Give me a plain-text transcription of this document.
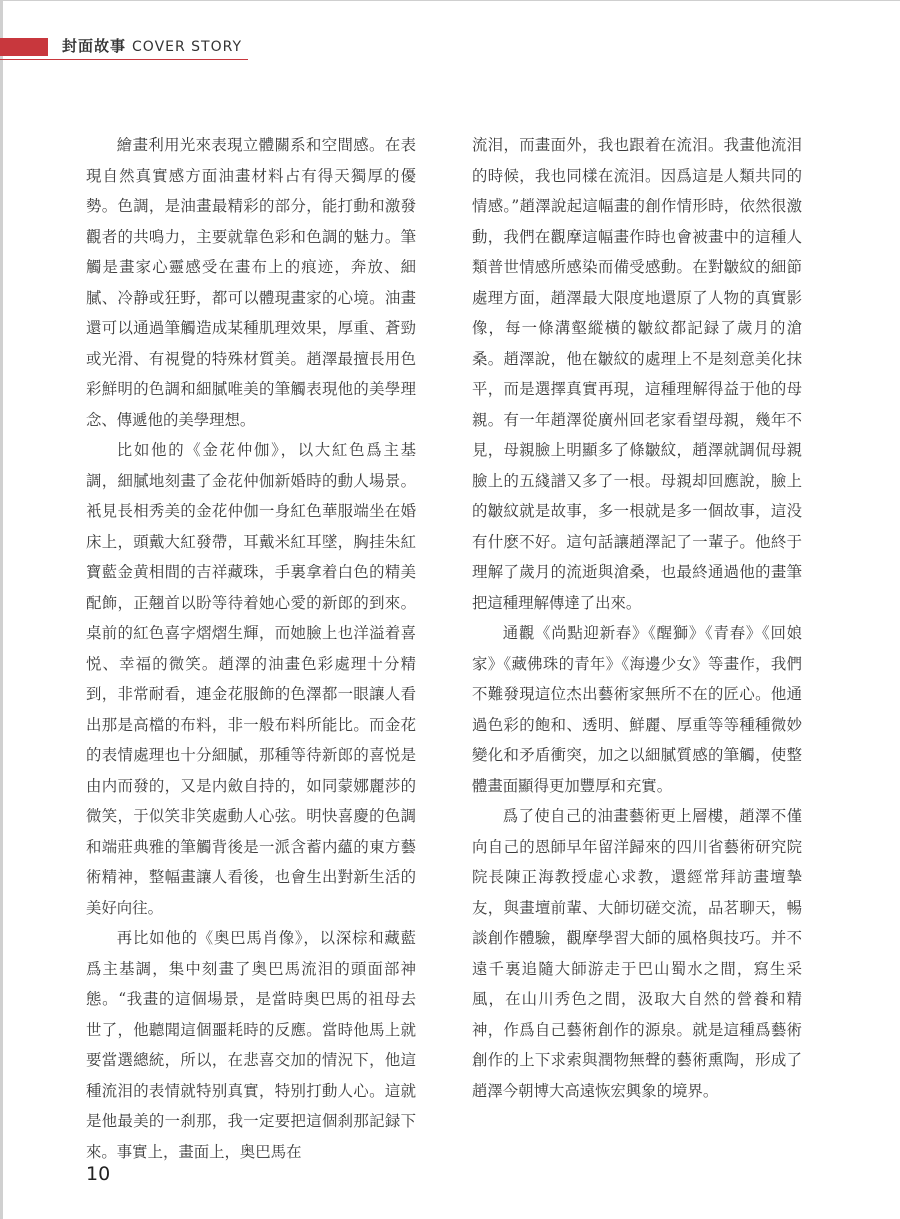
封面故事 COVER STORY

繪畫利用光來表現立體關系和空間感。在表現自然真實感方面油畫材料占有得天獨厚的優勢。色調，是油畫最精彩的部分，能打動和激發觀者的共鳴力，主要就靠色彩和色調的魅力。筆觸是畫家心靈感受在畫布上的痕迹，奔放、細膩、冷静或狂野，都可以體現畫家的心境。油畫還可以通過筆觸造成某種肌理效果，厚重、蒼勁或光滑、有視覺的特殊材質美。趙澤最擅長用色彩鮮明的色調和細膩唯美的筆觸表現他的美學理念、傳遞他的美學理想。

比如他的《金花仲伽》，以大紅色爲主基調，細膩地刻畫了金花仲伽新婚時的動人場景。衹見長相秀美的金花仲伽一身紅色華服端坐在婚床上，頭戴大紅發帶，耳戴米紅耳墜，胸挂朱紅寶藍金黄相間的吉祥藏珠，手裏拿着白色的精美配飾，正翹首以盼等待着她心愛的新郎的到來。桌前的紅色喜字熠熠生輝，而她臉上也洋溢着喜悦、幸福的微笑。趙澤的油畫色彩處理十分精到，非常耐看，連金花服飾的色澤都一眼讓人看出那是高檔的布料，非一般布料所能比。而金花的表情處理也十分細膩，那種等待新郎的喜悦是由内而發的，又是内斂自持的，如同蒙娜麗莎的微笑，于似笑非笑處動人心弦。明快喜慶的色調和端莊典雅的筆觸背後是一派含蓄内蘊的東方藝術精神，整幅畫讓人看後，也會生出對新生活的美好向往。

再比如他的《奥巴馬肖像》，以深棕和藏藍爲主基調，集中刻畫了奥巴馬流泪的頭面部神態。“我畫的這個場景，是當時奥巴馬的祖母去世了，他聽聞這個噩耗時的反應。當時他馬上就要當選總統，所以，在悲喜交加的情況下，他這種流泪的表情就特别真實，特别打動人心。這就是他最美的一刹那，我一定要把這個刹那記録下來。事實上，畫面上，奥巴馬在

流泪，而畫面外，我也跟着在流泪。我畫他流泪的時候，我也同樣在流泪。因爲這是人類共同的情感。”趙澤說起這幅畫的創作情形時，依然很激動，我們在觀摩這幅畫作時也會被畫中的這種人類普世情感所感染而備受感動。在對皺紋的細節處理方面，趙澤最大限度地還原了人物的真實影像，每一條溝壑縱橫的皺紋都記録了歲月的滄桑。趙澤說，他在皺紋的處理上不是刻意美化抹平，而是選擇真實再現，這種理解得益于他的母親。有一年趙澤從廣州回老家看望母親，幾年不見，母親臉上明顯多了條皺紋，趙澤就調侃母親臉上的五綫譜又多了一根。母親却回應說，臉上的皺紋就是故事，多一根就是多一個故事，這没有什麽不好。這句話讓趙澤記了一輩子。他終于理解了歲月的流逝與滄桑，也最終通過他的畫筆把這種理解傳達了出來。

通觀《尚點迎新春》《醒獅》《青春》《回娘家》《藏佛珠的青年》《海邊少女》等畫作，我們不難發現這位杰出藝術家無所不在的匠心。他通過色彩的飽和、透明、鮮麗、厚重等等種種微妙變化和矛盾衝突，加之以細膩質感的筆觸，使整體畫面顯得更加豐厚和充實。

爲了使自己的油畫藝術更上層樓，趙澤不僅向自己的恩師早年留洋歸來的四川省藝術研究院院長陳正海教授虚心求教，還經常拜訪畫壇摯友，與畫壇前輩、大師切磋交流，品茗聊天，暢談創作體驗，觀摩學習大師的風格與技巧。并不遠千裏追隨大師游走于巴山蜀水之間，寫生采風，在山川秀色之間，汲取大自然的營養和精神，作爲自己藝術創作的源泉。就是這種爲藝術創作的上下求索與潤物無聲的藝術熏陶，形成了趙澤今朝博大高遠恢宏興象的境界。

10
